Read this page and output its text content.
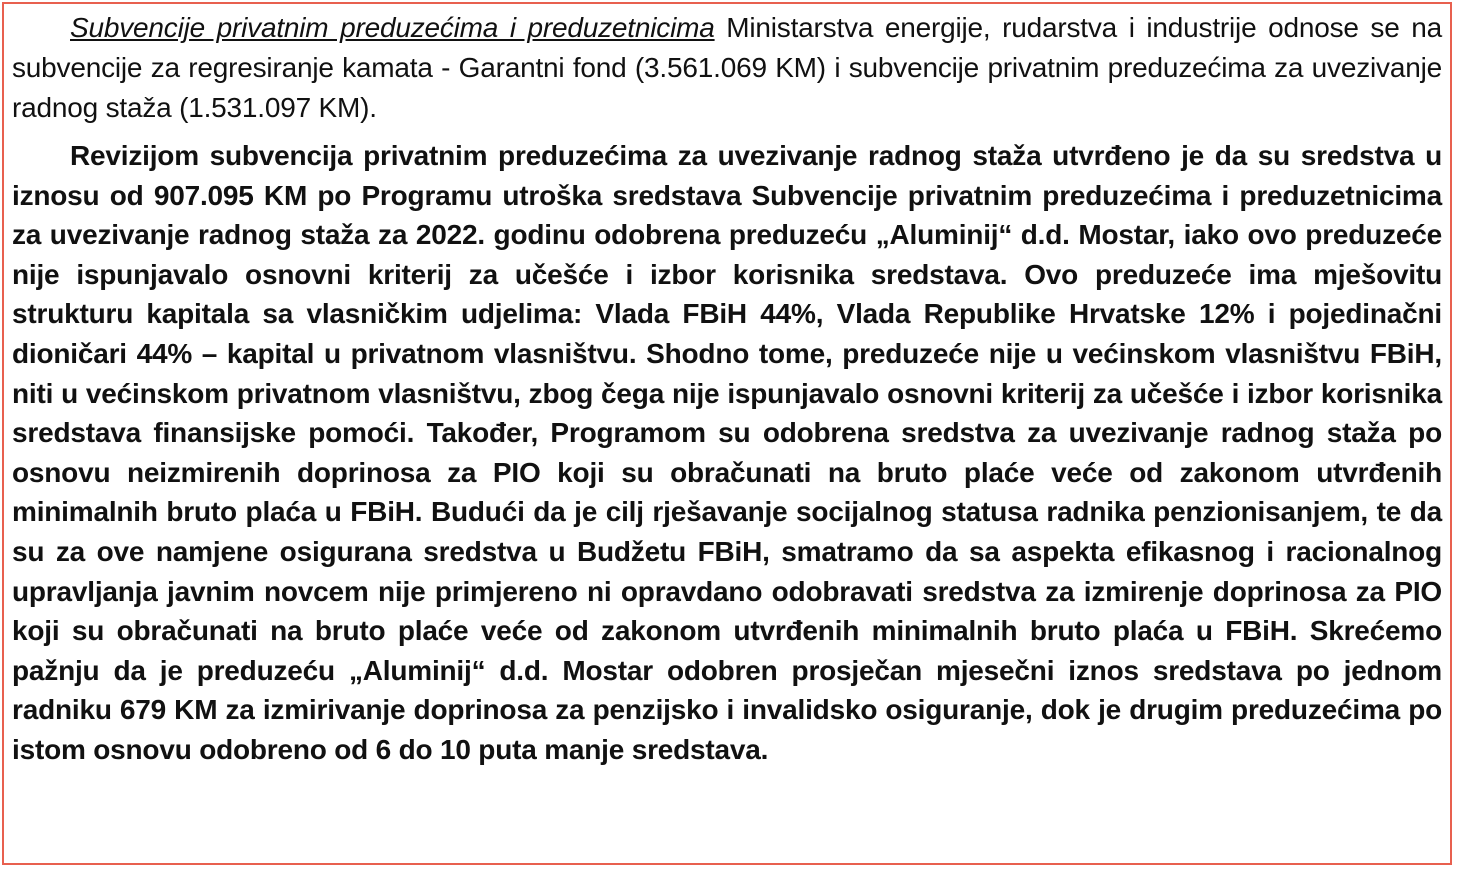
Subvencije privatnim preduzećima i preduzetnicima Ministarstva energije, rudarstva i industrije odnose se na subvencije za regresiranje kamata - Garantni fond (3.561.069 KM) i subvencije privatnim preduzećima za uvezivanje radnog staža (1.531.097 KM).

Revizijom subvencija privatnim preduzećima za uvezivanje radnog staža utvrđeno je da su sredstva u iznosu od 907.095 KM po Programu utroška sredstava Subvencije privatnim preduzećima i preduzetnicima za uvezivanje radnog staža za 2022. godinu odobrena preduzeću „Aluminij“ d.d. Mostar, iako ovo preduzeće nije ispunjavalo osnovni kriterij za učešće i izbor korisnika sredstava. Ovo preduzeće ima mješovitu strukturu kapitala sa vlasničkim udjelima: Vlada FBiH 44%, Vlada Republike Hrvatske 12% i pojedinačni dioničari 44% – kapital u privatnom vlasništvu. Shodno tome, preduzeće nije u većinskom vlasništvu FBiH, niti u većinskom privatnom vlasništvu, zbog čega nije ispunjavalo osnovni kriterij za učešće i izbor korisnika sredstava finansijske pomoći. Također, Programom su odobrena sredstva za uvezivanje radnog staža po osnovu neizmirenih doprinosa za PIO koji su obračunati na bruto plaće veće od zakonom utvrđenih minimalnih bruto plaća u FBiH. Budući da je cilj rješavanje socijalnog statusa radnika penzionisanjem, te da su za ove namjene osigurana sredstva u Budžetu FBiH, smatramo da sa aspekta efikasnog i racionalnog upravljanja javnim novcem nije primjereno ni opravdano odobravati sredstva za izmirenje doprinosa za PIO koji su obračunati na bruto plaće veće od zakonom utvrđenih minimalnih bruto plaća u FBiH. Skrećemo pažnju da je preduzeću „Aluminij“ d.d. Mostar odobren prosječan mjesečni iznos sredstava po jednom radniku 679 KM za izmirivanje doprinosa za penzijsko i invalidsko osiguranje, dok je drugim preduzećima po istom osnovu odobreno od 6 do 10 puta manje sredstava.
